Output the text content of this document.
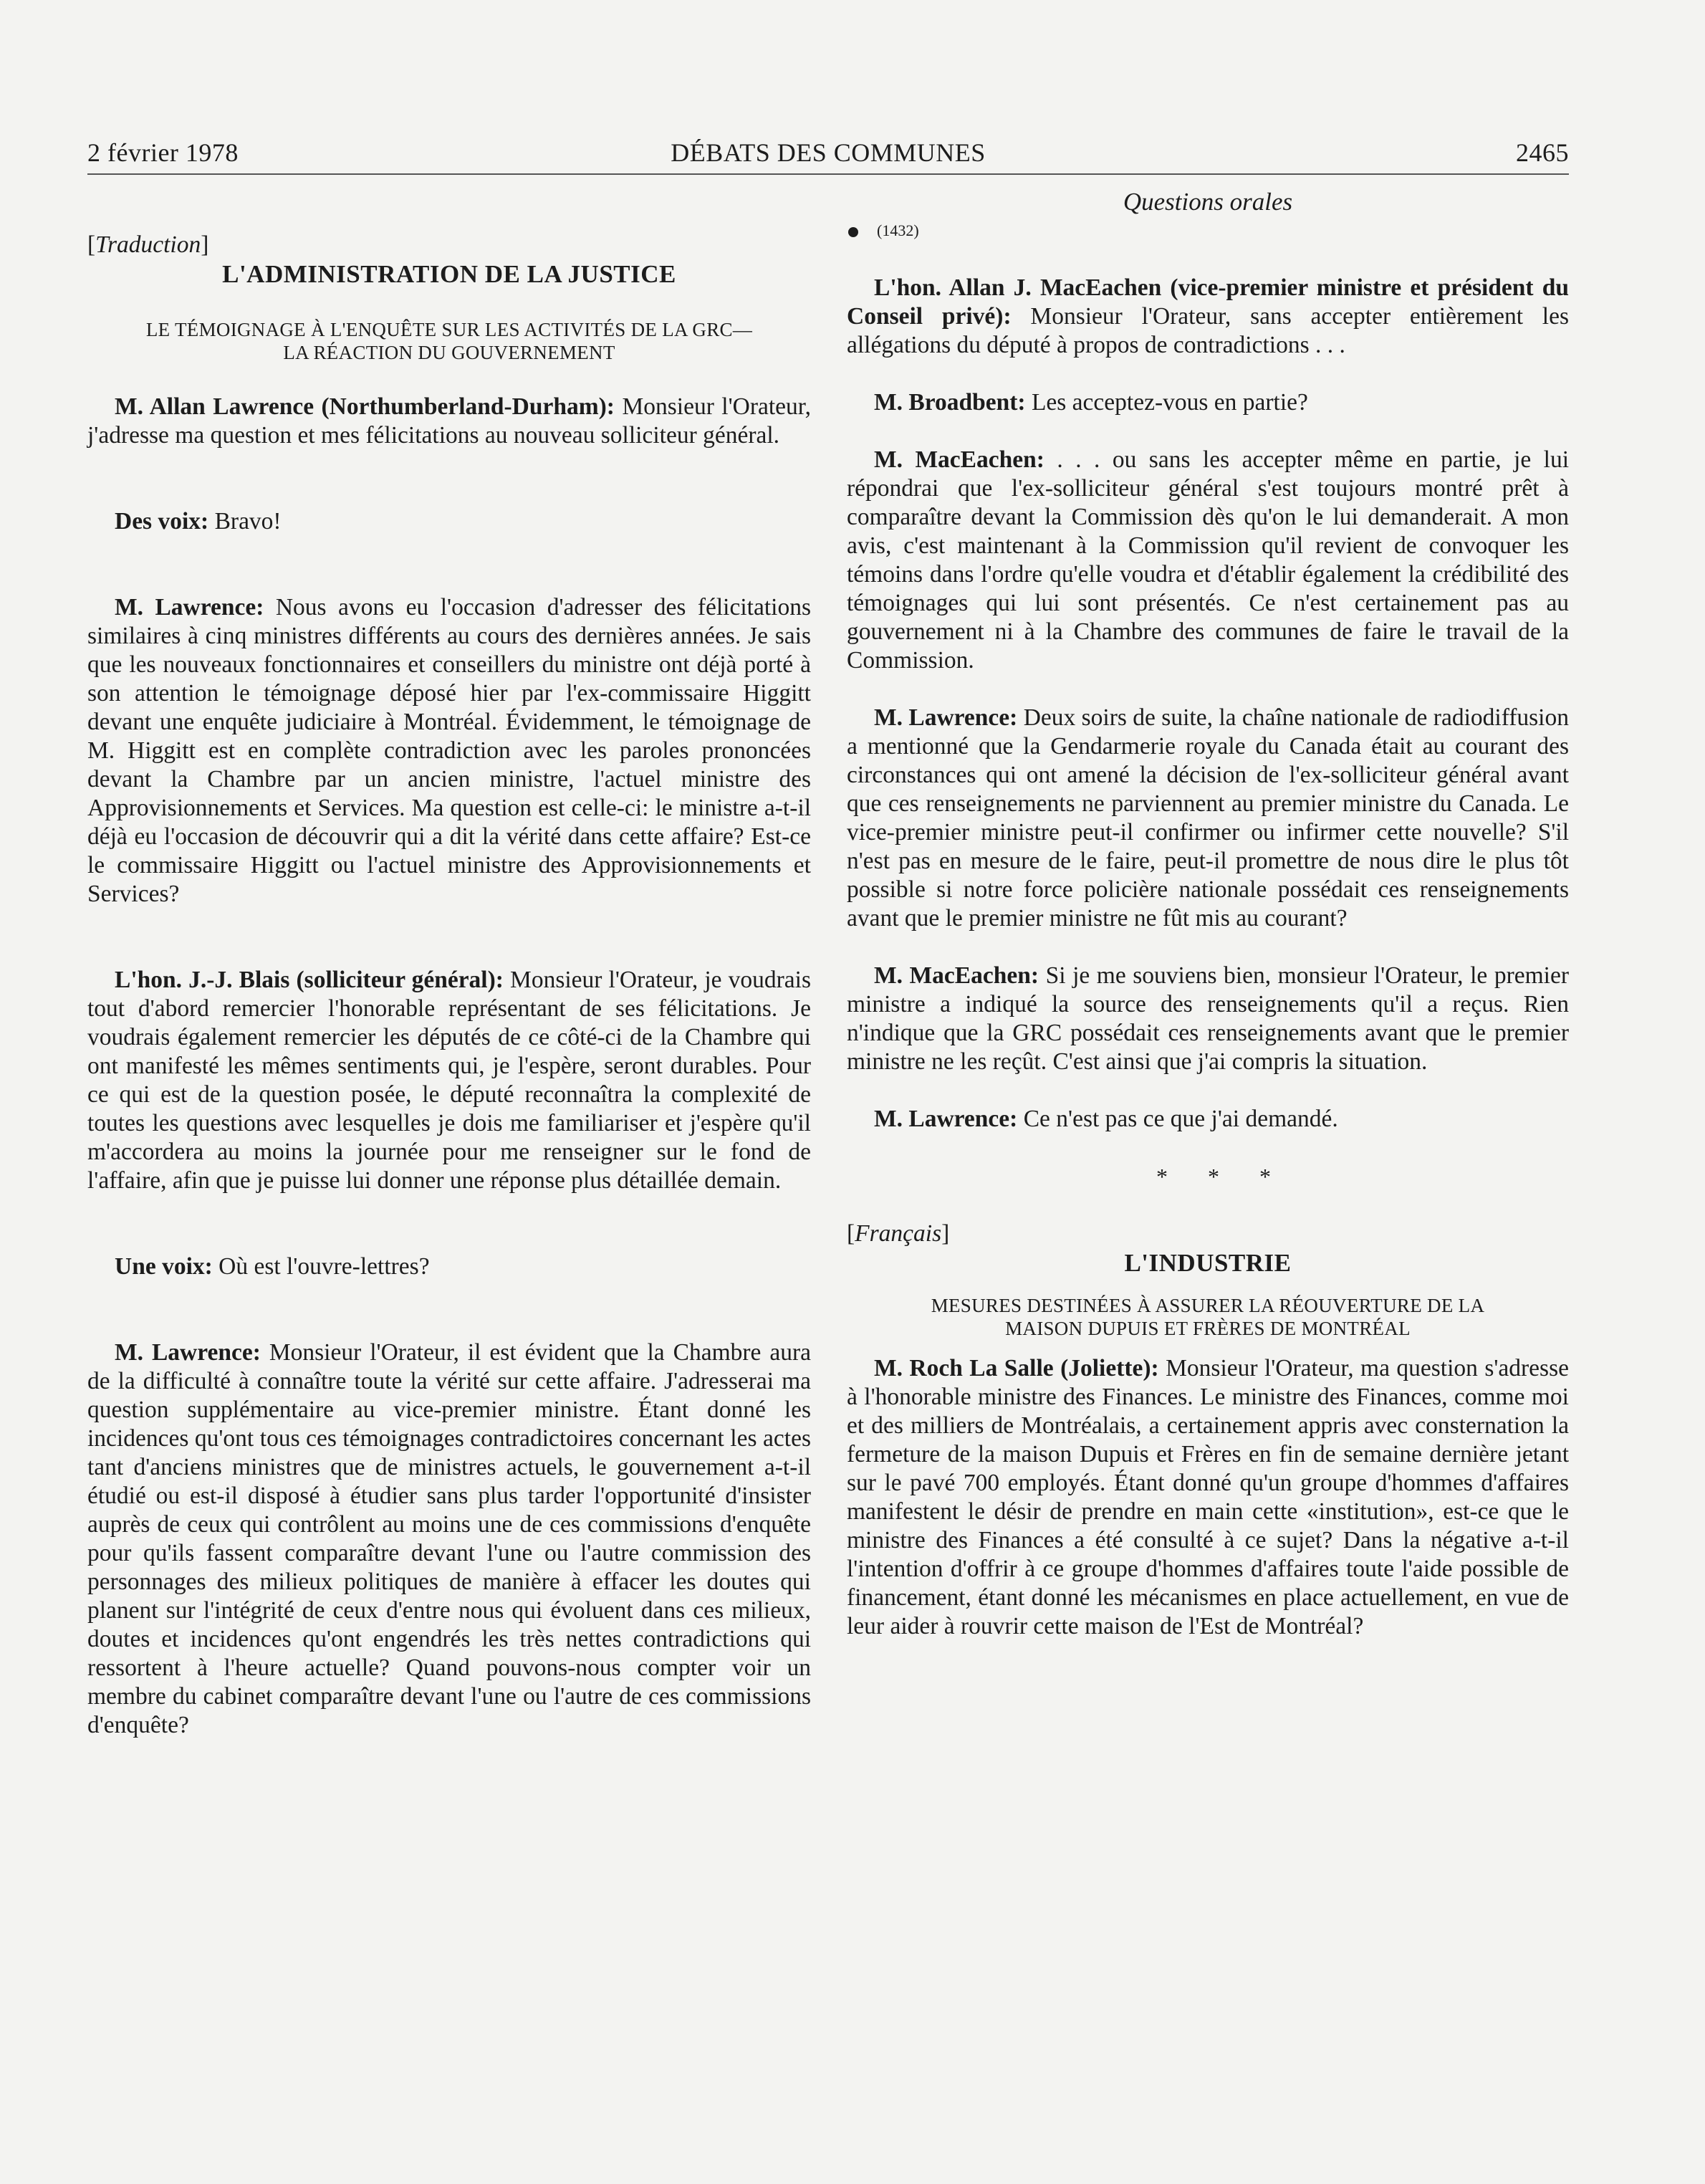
2 février 1978	DÉBATS DES COMMUNES	2465

[Traduction]

L'ADMINISTRATION DE LA JUSTICE

LE TÉMOIGNAGE À L'ENQUÊTE SUR LES ACTIVITÉS DE LA GRC—

LA RÉACTION DU GOUVERNEMENT

M. Allan Lawrence (Northumberland-Durham): Monsieur l'Orateur, j'adresse ma question et mes félicitations au nouveau solliciteur général.

Des voix: Bravo!

M. Lawrence: Nous avons eu l'occasion d'adresser des félicitations similaires à cinq ministres différents au cours des dernières années. Je sais que les nouveaux fonctionnaires et conseillers du ministre ont déjà porté à son attention le témoignage déposé hier par l'ex-commissaire Higgitt devant une enquête judiciaire à Montréal. Évidemment, le témoignage de M. Higgitt est en complète contradiction avec les paroles prononcées devant la Chambre par un ancien ministre, l'actuel ministre des Approvisionnements et Services. Ma question est celle-ci: le ministre a-t-il déjà eu l'occasion de découvrir qui a dit la vérité dans cette affaire? Est-ce le commissaire Higgitt ou l'actuel ministre des Approvisionnements et Services?

L'hon. J.-J. Blais (solliciteur général): Monsieur l'Orateur, je voudrais tout d'abord remercier l'honorable représentant de ses félicitations. Je voudrais également remercier les députés de ce côté-ci de la Chambre qui ont manifesté les mêmes sentiments qui, je l'espère, seront durables. Pour ce qui est de la question posée, le député reconnaîtra la complexité de toutes les questions avec lesquelles je dois me familiariser et j'espère qu'il m'accordera au moins la journée pour me renseigner sur le fond de l'affaire, afin que je puisse lui donner une réponse plus détaillée demain.

Une voix: Où est l'ouvre-lettres?

M. Lawrence: Monsieur l'Orateur, il est évident que la Chambre aura de la difficulté à connaître toute la vérité sur cette affaire. J'adresserai ma question supplémentaire au vice-premier ministre. Étant donné les incidences qu'ont tous ces témoignages contradictoires concernant les actes tant d'anciens ministres que de ministres actuels, le gouvernement a-t-il étudié ou est-il disposé à étudier sans plus tarder l'opportunité d'insister auprès de ceux qui contrôlent au moins une de ces commissions d'enquête pour qu'ils fassent comparaître devant l'une ou l'autre commission des personnages des milieux politiques de manière à effacer les doutes qui planent sur l'intégrité de ceux d'entre nous qui évoluent dans ces milieux, doutes et incidences qu'ont engendrés les très nettes contradictions qui ressortent à l'heure actuelle? Quand pouvons-nous compter voir un membre du cabinet comparaître devant l'une ou l'autre de ces commissions d'enquête?

Questions orales

(1432)

L'hon. Allan J. MacEachen (vice-premier ministre et président du Conseil privé): Monsieur l'Orateur, sans accepter entièrement les allégations du député à propos de contradictions . . .

M. Broadbent: Les acceptez-vous en partie?

M. MacEachen: . . . ou sans les accepter même en partie, je lui répondrai que l'ex-solliciteur général s'est toujours montré prêt à comparaître devant la Commission dès qu'on le lui demanderait. A mon avis, c'est maintenant à la Commission qu'il revient de convoquer les témoins dans l'ordre qu'elle voudra et d'établir également la crédibilité des témoignages qui lui sont présentés. Ce n'est certainement pas au gouvernement ni à la Chambre des communes de faire le travail de la Commission.

M. Lawrence: Deux soirs de suite, la chaîne nationale de radiodiffusion a mentionné que la Gendarmerie royale du Canada était au courant des circonstances qui ont amené la décision de l'ex-solliciteur général avant que ces renseignements ne parviennent au premier ministre du Canada. Le vice-premier ministre peut-il confirmer ou infirmer cette nouvelle? S'il n'est pas en mesure de le faire, peut-il promettre de nous dire le plus tôt possible si notre force policière nationale possédait ces renseignements avant que le premier ministre ne fût mis au courant?

M. MacEachen: Si je me souviens bien, monsieur l'Orateur, le premier ministre a indiqué la source des renseignements qu'il a reçus. Rien n'indique que la GRC possédait ces renseignements avant que le premier ministre ne les reçût. C'est ainsi que j'ai compris la situation.

M. Lawrence: Ce n'est pas ce que j'ai demandé.

* * *

[Français]

L'INDUSTRIE

MESURES DESTINÉES À ASSURER LA RÉOUVERTURE DE LA

MAISON DUPUIS ET FRÈRES DE MONTRÉAL

M. Roch La Salle (Joliette): Monsieur l'Orateur, ma question s'adresse à l'honorable ministre des Finances. Le ministre des Finances, comme moi et des milliers de Montréalais, a certainement appris avec consternation la fermeture de la maison Dupuis et Frères en fin de semaine dernière jetant sur le pavé 700 employés. Étant donné qu'un groupe d'hommes d'affaires manifestent le désir de prendre en main cette «institution», est-ce que le ministre des Finances a été consulté à ce sujet? Dans la négative a-t-il l'intention d'offrir à ce groupe d'hommes d'affaires toute l'aide possible de financement, étant donné les mécanismes en place actuellement, en vue de leur aider à rouvrir cette maison de l'Est de Montréal?
